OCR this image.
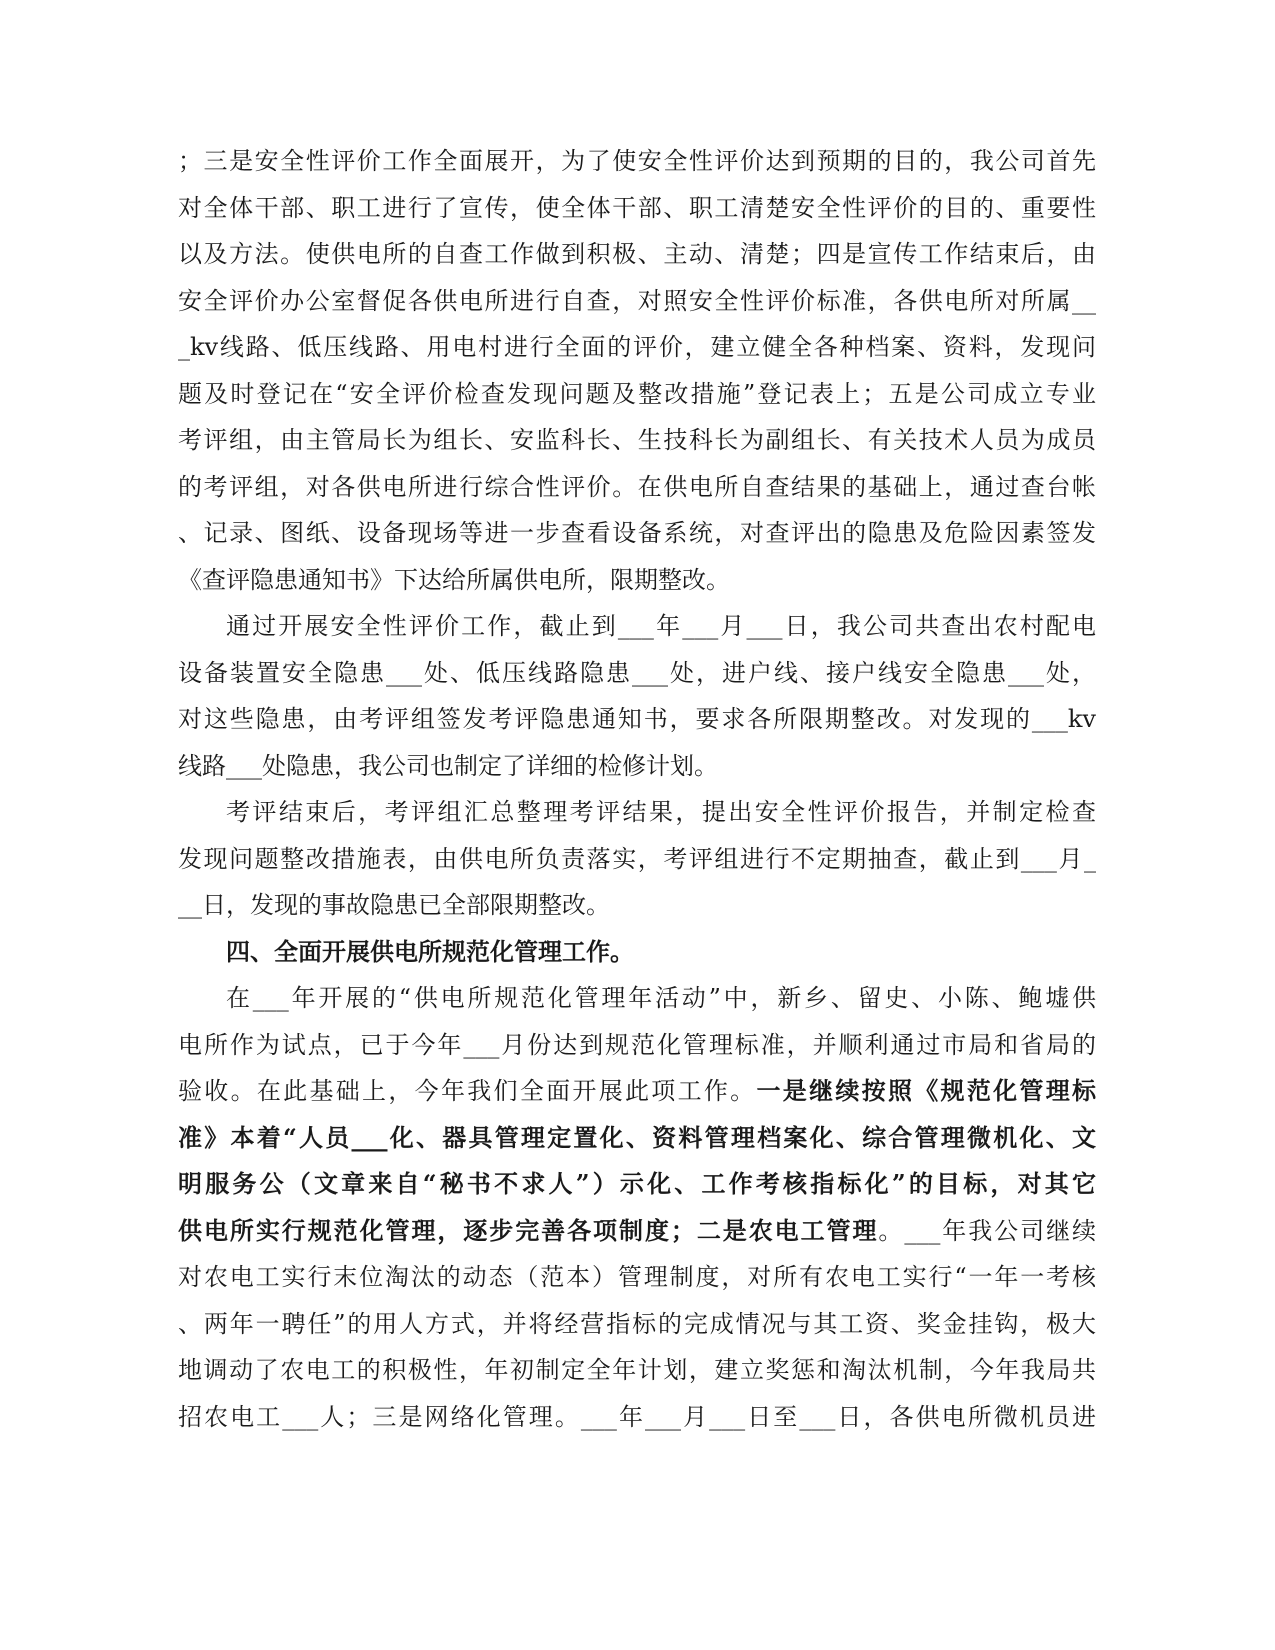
；三是安全性评价工作全面展开，为了使安全性评价达到预期的目的，我公司首先
对全体干部、职工进行了宣传，使全体干部、职工清楚安全性评价的目的、重要性
以及方法。使供电所的自查工作做到积极、主动、清楚；四是宣传工作结束后，由
安全评价办公室督促各供电所进行自查，对照安全性评价标准，各供电所对所属__
_kv线路、低压线路、用电村进行全面的评价，建立健全各种档案、资料，发现问
题及时登记在“安全评价检查发现问题及整改措施”登记表上；五是公司成立专业
考评组，由主管局长为组长、安监科长、生技科长为副组长、有关技术人员为成员
的考评组，对各供电所进行综合性评价。在供电所自查结果的基础上，通过查台帐
、记录、图纸、设备现场等进一步查看设备系统，对查评出的隐患及危险因素签发
《查评隐患通知书》下达给所属供电所，限期整改。
通过开展安全性评价工作，截止到___年___月___日，我公司共查出农村配电
设备装置安全隐患___处、低压线路隐患___处，进户线、接户线安全隐患___处，
对这些隐患，由考评组签发考评隐患通知书，要求各所限期整改。对发现的___kv
线路___处隐患，我公司也制定了详细的检修计划。
考评结束后，考评组汇总整理考评结果，提出安全性评价报告，并制定检查
发现问题整改措施表，由供电所负责落实，考评组进行不定期抽查，截止到___月_
__日，发现的事故隐患已全部限期整改。
四、全面开展供电所规范化管理工作。
在___年开展的“供电所规范化管理年活动”中，新乡、留史、小陈、鲍墟供
电所作为试点，已于今年___月份达到规范化管理标准，并顺利通过市局和省局的
验收。在此基础上，今年我们全面开展此项工作。一是继续按照《规范化管理标
准》本着“人员___化、器具管理定置化、资料管理档案化、综合管理微机化、文
明服务公（文章来自“秘书不求人”）示化、工作考核指标化”的目标，对其它
供电所实行规范化管理，逐步完善各项制度；二是农电工管理。___年我公司继续
对农电工实行末位淘汰的动态（范本）管理制度，对所有农电工实行“一年一考核
、两年一聘任”的用人方式，并将经营指标的完成情况与其工资、奖金挂钩，极大
地调动了农电工的积极性，年初制定全年计划，建立奖惩和淘汰机制，今年我局共
招农电工___人；三是网络化管理。___年___月___日至___日，各供电所微机员进
